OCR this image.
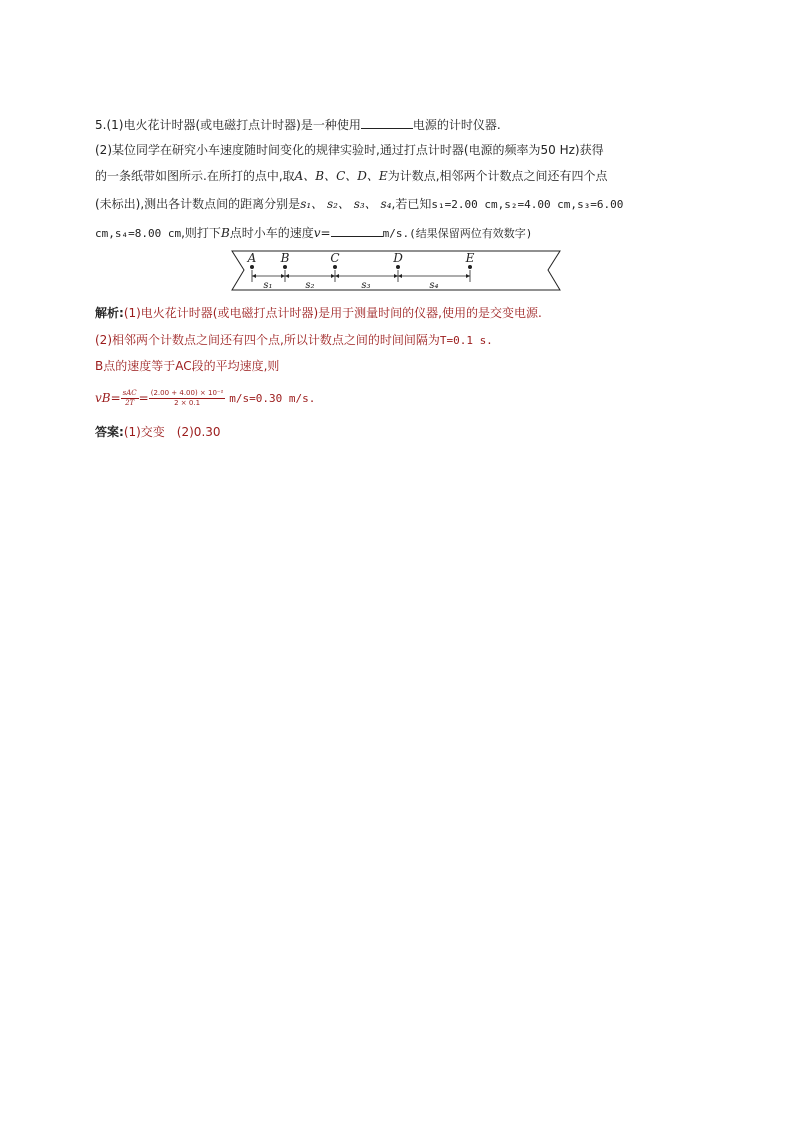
5.(1)电火花计时器(或电磁打点计时器)是一种使用	电源的计时仪器.
(2)某位同学在研究小车速度随时间变化的规律实验时,通过打点计时器(电源的频率为50 Hz)获得
的一条纸带如图所示.在所打的点中,取A、B、C、D、E为计数点,相邻两个计数点之间还有四个点
(未标出),测出各计数点间的距离分别是s₁、 s₂、 s₃、 s₄,若已知s₁=2.00 cm,s₂=4.00 cm,s₃=6.00
cm,s₄=8.00 cm,则打下B点时小车的速度v=	m/s.(结果保留两位有效数字)
A B	C	D	E
s₁	s₂	s₃	s₄
解析:(1)电火花计时器(或电磁打点计时器)是用于测量时间的仪器,使用的是交变电源.
(2)相邻两个计数点之间还有四个点,所以计数点之间的时间间隔为T=0.1 s.
B点的速度等于AC段的平均速度,则
$vB= \frac{\text{sAC}}{2T} = \frac{\text{(2.00 + 4.00) × 10⁻²}}{2 \times 0.1} m/s=0.30$ m/s.
答案:(1)交变　(2)0.30
